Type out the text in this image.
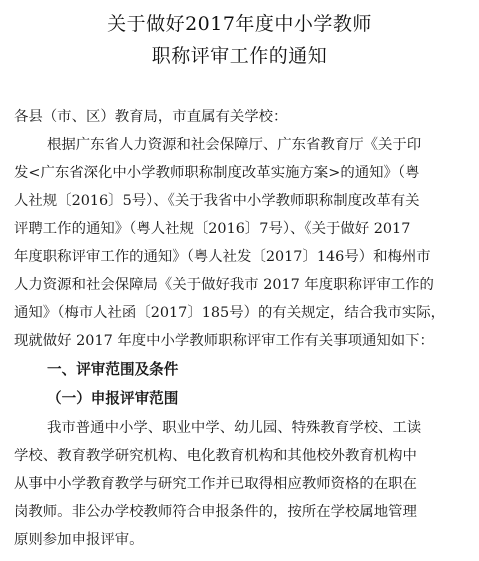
关于做好2017年度中小学教师
职称评审工作的通知
各县（市、区）教育局，市直属有关学校：
根据广东省人力资源和社会保障厅、广东省教育厅《关于印
发<广东省深化中小学教师职称制度改革实施方案>的通知》（粤
人社规〔2016〕5号）、《关于我省中小学教师职称制度改革有关
评聘工作的通知》（粤人社规〔2016〕7号）、《关于做好 2017
年度职称评审工作的通知》（粤人社发〔2017〕146号）和梅州市
人力资源和社会保障局《关于做好我市 2017 年度职称评审工作的
通知》（梅市人社函〔2017〕185号）的有关规定，结合我市实际，
现就做好 2017 年度中小学教师职称评审工作有关事项通知如下：
一、评审范围及条件
（一）申报评审范围
我市普通中小学、职业中学、幼儿园、特殊教育学校、工读
学校、教育教学研究机构、电化教育机构和其他校外教育机构中
从事中小学教育教学与研究工作并已取得相应教师资格的在职在
岗教师。非公办学校教师符合申报条件的，按所在学校属地管理
原则参加申报评审。
